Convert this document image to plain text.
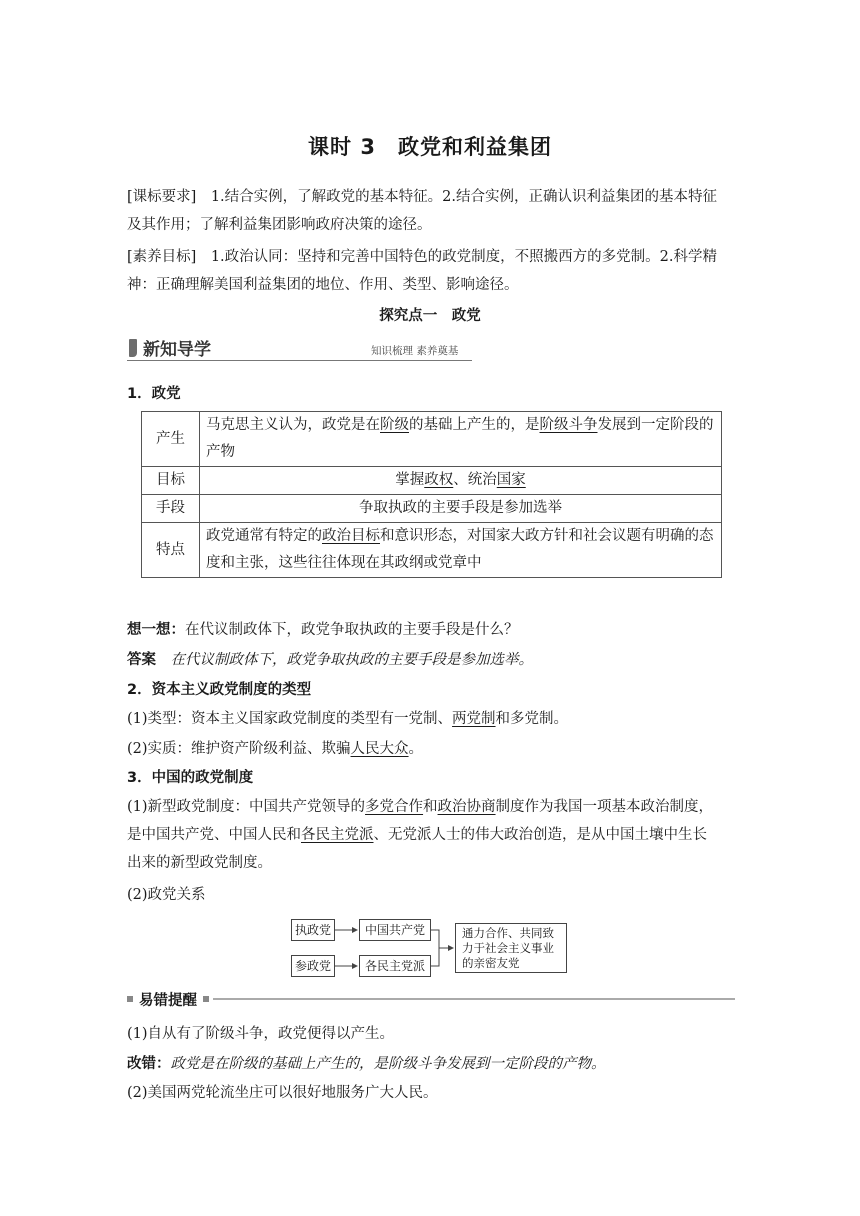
课时 3　政党和利益集团
[课标要求]　1.结合实例，了解政党的基本特征。2.结合实例，正确认识利益集团的基本特征
及其作用；了解利益集团影响政府决策的途径。
[素养目标]　1.政治认同：坚持和完善中国特色的政党制度，不照搬西方的多党制。2.科学精
神：正确理解美国利益集团的地位、作用、类型、影响途径。
探究点一　政党
新知导学	知识梳理 素养奠基
1．政党
产生	马克思主义认为，政党是在阶级的基础上产生的，是阶级斗争发展到一定阶段的产物
目标	掌握政权、统治国家
手段	争取执政的主要手段是参加选举
特点	政党通常有特定的政治目标和意识形态，对国家大政方针和社会议题有明确的态度和主张，这些往往体现在其政纲或党章中
想一想：在代议制政体下，政党争取执政的主要手段是什么？
答案　在代议制政体下，政党争取执政的主要手段是参加选举。
2．资本主义政党制度的类型
(1)类型：资本主义国家政党制度的类型有一党制、两党制和多党制。
(2)实质：维护资产阶级利益、欺骗人民大众。
3．中国的政党制度
(1)新型政党制度：中国共产党领导的多党合作和政治协商制度作为我国一项基本政治制度，
是中国共产党、中国人民和各民主党派、无党派人士的伟大政治创造，是从中国土壤中生长
出来的新型政党制度。
(2)政党关系
执政党
参政党
中国共产党
各民主党派
通力合作、共同致
力于社会主义事业
的亲密友党
易错提醒
(1)自从有了阶级斗争，政党便得以产生。
改错：政党是在阶级的基础上产生的，是阶级斗争发展到一定阶段的产物。
(2)美国两党轮流坐庄可以很好地服务广大人民。
